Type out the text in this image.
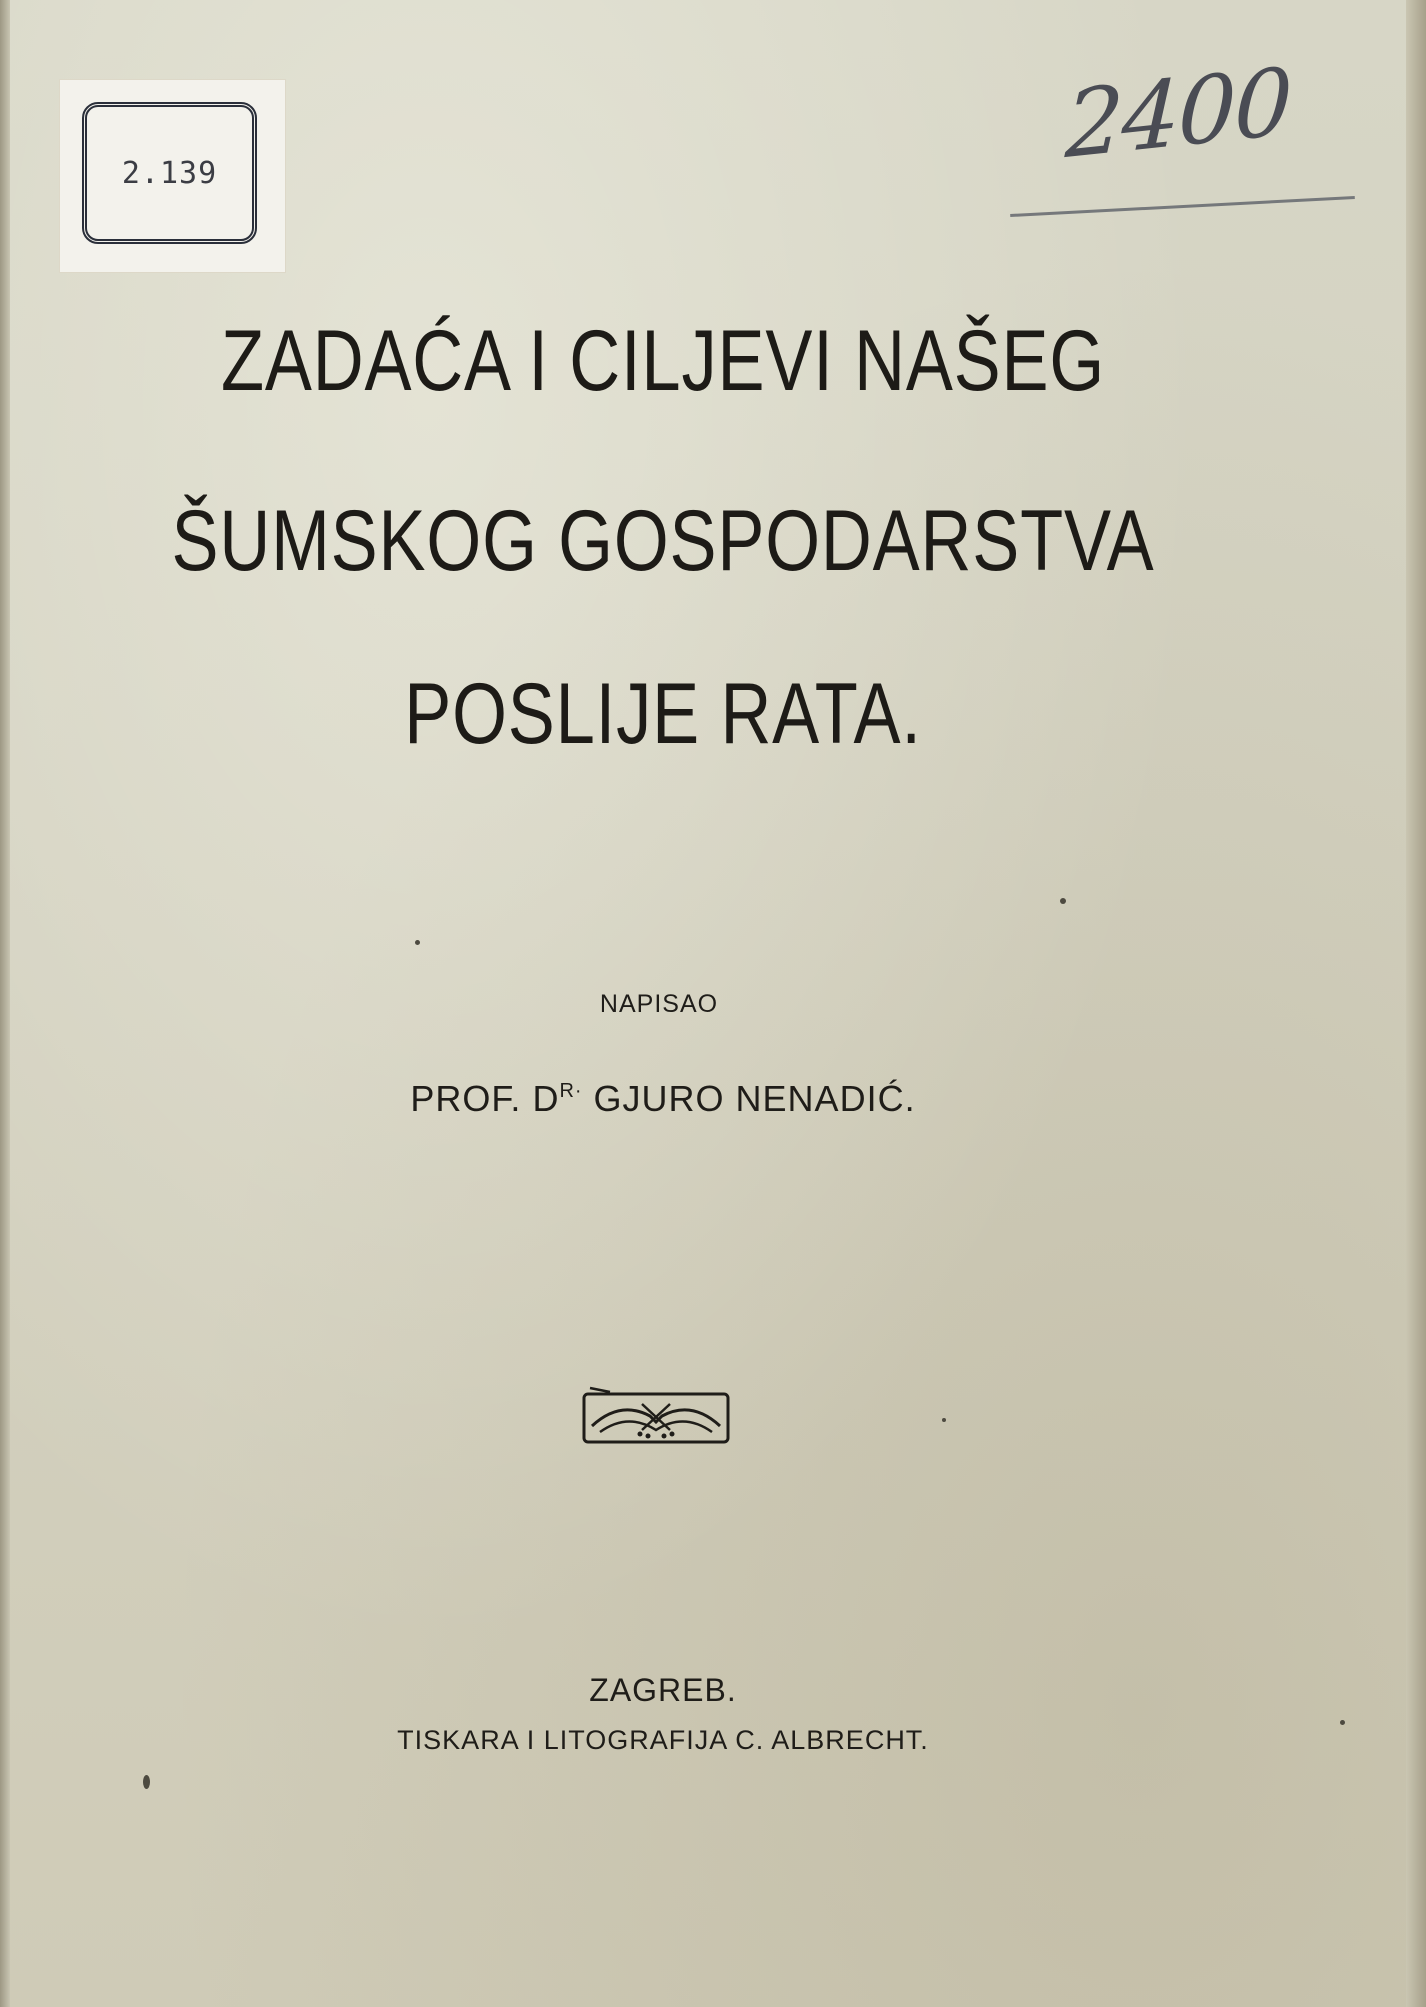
2.139	2400
ZADAĆA I CILJEVI NAŠEG
ŠUMSKOG GOSPODARSTVA
POSLIJE RATA.
NAPISAO
PROF. $D^{R\cdot}$ GJURO NENADIĆ.
ZAGREB.
TISKARA I LITOGRAFIJA C. ALBRECHT.
